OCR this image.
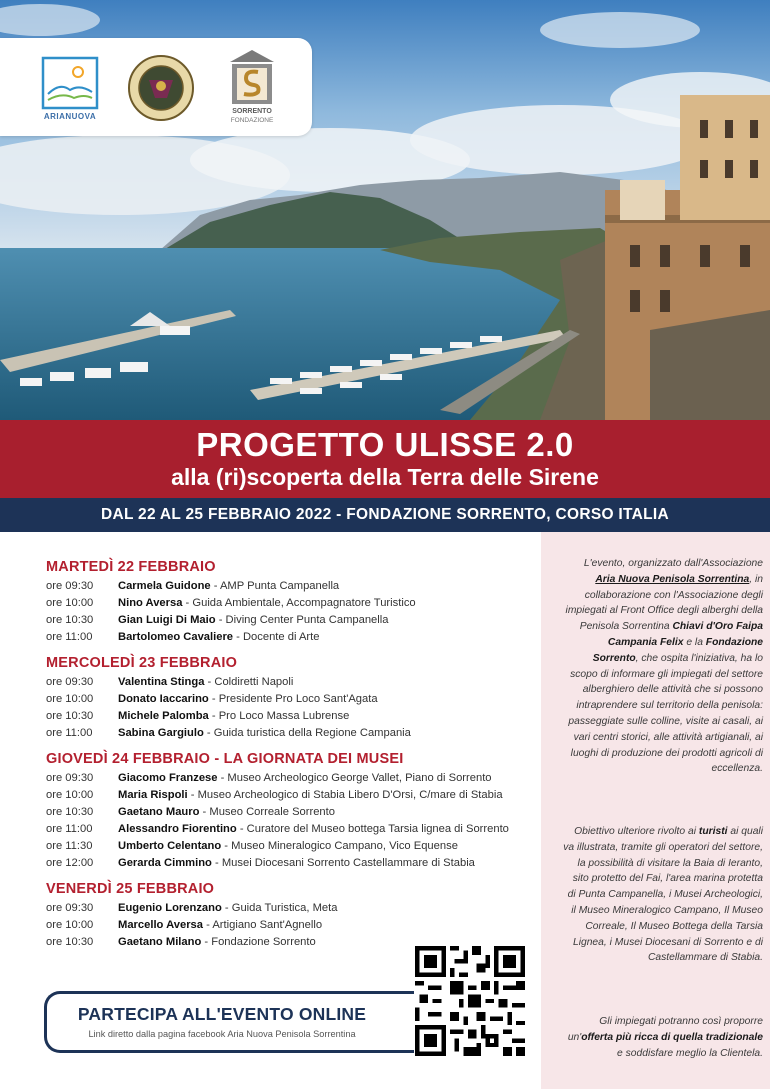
ARIANUOVA
SORRENTO
FONDAZIONE
PROGETTO ULISSE 2.0
alla (ri)scoperta della Terra delle Sirene
DAL 22 AL 25 FEBBRAIO 2022 - FONDAZIONE SORRENTO, CORSO ITALIA
MARTEDÌ 22 FEBBRAIO
ore 09:30 Carmela Guidone - AMP Punta Campanella
ore 10:00 Nino Aversa - Guida Ambientale, Accompagnatore Turistico
ore 10:30 Gian Luigi Di Maio - Diving Center Punta Campanella
ore 11:00 Bartolomeo Cavaliere - Docente di Arte
MERCOLEDÌ 23 FEBBRAIO
ore 09:30 Valentina Stinga - Coldiretti Napoli
ore 10:00 Donato Iaccarino - Presidente Pro Loco Sant'Agata
ore 10:30 Michele Palomba - Pro Loco Massa Lubrense
ore 11:00 Sabina Gargiulo - Guida turistica della Regione Campania
GIOVEDÌ 24 FEBBRAIO - LA GIORNATA DEI MUSEI
ore 09:30 Giacomo Franzese - Museo Archeologico George Vallet, Piano di Sorrento
ore 10:00 Maria Rispoli - Museo Archeologico di Stabia Libero D'Orsi, C/mare di Stabia
ore 10:30 Gaetano Mauro - Museo Correale Sorrento
ore 11:00 Alessandro Fiorentino - Curatore del Museo bottega Tarsia lignea di Sorrento
ore 11:30 Umberto Celentano - Museo Mineralogico Campano, Vico Equense
ore 12:00 Gerarda Cimmino - Musei Diocesani Sorrento Castellammare di Stabia
VENERDÌ 25 FEBBRAIO
ore 09:30 Eugenio Lorenzano - Guida Turistica, Meta
ore 10:00 Marcello Aversa - Artigiano Sant'Agnello
ore 10:30 Gaetano Milano - Fondazione Sorrento

L'evento, organizzato dall'Associazione Aria Nuova Penisola Sorrentina, in collaborazione con l'Associazione degli impiegati al Front Office degli alberghi della Penisola Sorrentina Chiavi d'Oro Faipa Campania Felix e la Fondazione Sorrento, che ospita l'iniziativa, ha lo scopo di informare gli impiegati del settore alberghiero delle attività che si possono intraprendere sul territorio della penisola: passeggiate sulle colline, visite ai casali, ai vari centri storici, alle attività artigianali, ai luoghi di produzione dei prodotti agricoli di eccellenza.

Obiettivo ulteriore rivolto ai turisti ai quali va illustrata, tramite gli operatori del settore, la possibilità di visitare la Baia di Ieranto, sito protetto del Fai, l'area marina protetta di Punta Campanella, i Musei Archeologici, il Museo Mineralogico Campano, Il Museo Correale, Il Museo Bottega della Tarsia Lignea, i Musei Diocesani di Sorrento e di Castellammare di Stabia.

Gli impiegati potranno così proporre un'offerta più ricca di quella tradizionale e soddisfare meglio la Clientela.

PARTECIPA ALL'EVENTO ONLINE
Link diretto dalla pagina facebook Aria Nuova Penisola Sorrentina
